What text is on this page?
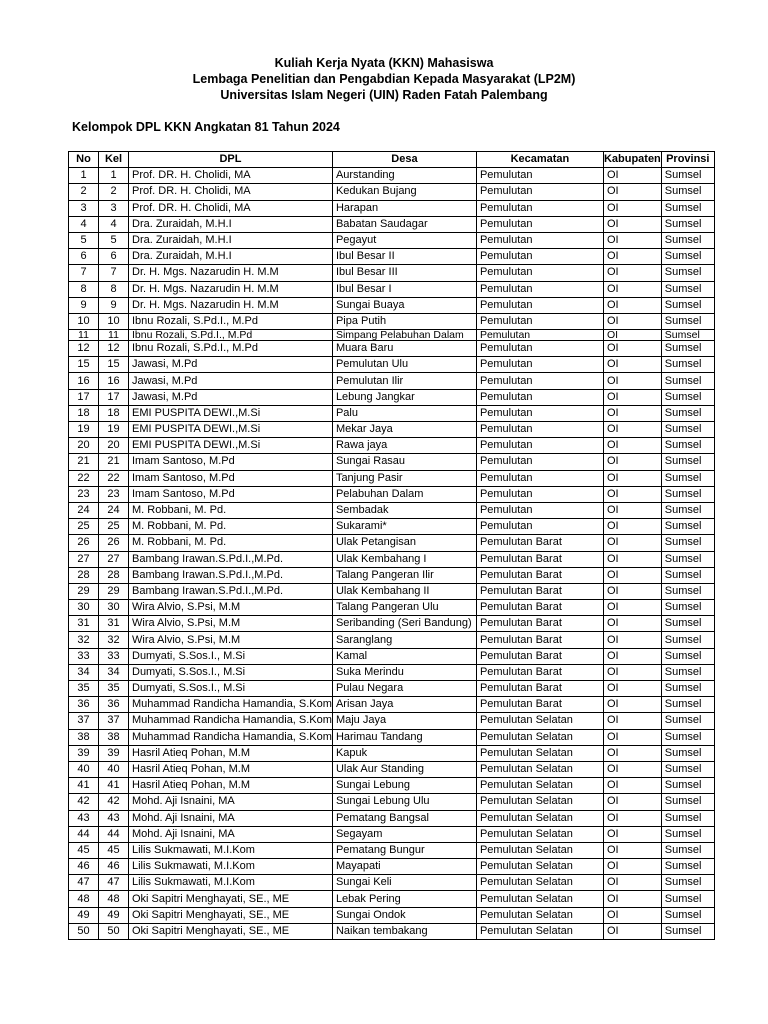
Kuliah Kerja Nyata (KKN) Mahasiswa
Lembaga Penelitian dan Pengabdian Kepada Masyarakat (LP2M)
Universitas Islam Negeri (UIN) Raden Fatah Palembang
Kelompok DPL KKN Angkatan 81 Tahun 2024
No	Kel	DPL	Desa	Kecamatan	Kabupaten	Provinsi
1	1	Prof. DR. H. Cholidi, MA	Aurstanding	Pemulutan	OI	Sumsel
2	2	Prof. DR. H. Cholidi, MA	Kedukan Bujang	Pemulutan	OI	Sumsel
3	3	Prof. DR. H. Cholidi, MA	Harapan	Pemulutan	OI	Sumsel
4	4	Dra. Zuraidah, M.H.I	Babatan Saudagar	Pemulutan	OI	Sumsel
5	5	Dra. Zuraidah, M.H.I	Pegayut	Pemulutan	OI	Sumsel
6	6	Dra. Zuraidah, M.H.I	Ibul Besar II	Pemulutan	OI	Sumsel
7	7	Dr. H. Mgs. Nazarudin H. M.M	Ibul Besar III	Pemulutan	OI	Sumsel
8	8	Dr. H. Mgs. Nazarudin H. M.M	Ibul Besar I	Pemulutan	OI	Sumsel
9	9	Dr. H. Mgs. Nazarudin H. M.M	Sungai Buaya	Pemulutan	OI	Sumsel
10	10	Ibnu Rozali, S.Pd.I., M.Pd	Pipa Putih	Pemulutan	OI	Sumsel
11	11	Ibnu Rozali, S.Pd.I., M.Pd	Simpang Pelabuhan Dalam	Pemulutan	OI	Sumsel
12	12	Ibnu Rozali, S.Pd.I., M.Pd	Muara Baru	Pemulutan	OI	Sumsel
15	15	Jawasi, M.Pd	Pemulutan Ulu	Pemulutan	OI	Sumsel
16	16	Jawasi, M.Pd	Pemulutan Ilir	Pemulutan	OI	Sumsel
17	17	Jawasi, M.Pd	Lebung Jangkar	Pemulutan	OI	Sumsel
18	18	EMI PUSPITA DEWI.,M.Si	Palu	Pemulutan	OI	Sumsel
19	19	EMI PUSPITA DEWI.,M.Si	Mekar Jaya	Pemulutan	OI	Sumsel
20	20	EMI PUSPITA DEWI.,M.Si	Rawa jaya	Pemulutan	OI	Sumsel
21	21	Imam Santoso, M.Pd	Sungai Rasau	Pemulutan	OI	Sumsel
22	22	Imam Santoso, M.Pd	Tanjung Pasir	Pemulutan	OI	Sumsel
23	23	Imam Santoso, M.Pd	Pelabuhan Dalam	Pemulutan	OI	Sumsel
24	24	M. Robbani, M. Pd.	Sembadak	Pemulutan	OI	Sumsel
25	25	M. Robbani, M. Pd.	Sukarami*	Pemulutan	OI	Sumsel
26	26	M. Robbani, M. Pd.	Ulak Petangisan	Pemulutan Barat	OI	Sumsel
27	27	Bambang Irawan.S.Pd.I.,M.Pd.	Ulak Kembahang I	Pemulutan Barat	OI	Sumsel
28	28	Bambang Irawan.S.Pd.I.,M.Pd.	Talang Pangeran Ilir	Pemulutan Barat	OI	Sumsel
29	29	Bambang Irawan.S.Pd.I.,M.Pd.	Ulak Kembahang II	Pemulutan Barat	OI	Sumsel
30	30	Wira Alvio, S.Psi, M.M	Talang Pangeran Ulu	Pemulutan Barat	OI	Sumsel
31	31	Wira Alvio, S.Psi, M.M	Seribanding (Seri Bandung)	Pemulutan Barat	OI	Sumsel
32	32	Wira Alvio, S.Psi, M.M	Saranglang	Pemulutan Barat	OI	Sumsel
33	33	Dumyati, S.Sos.I., M.Si	Kamal	Pemulutan Barat	OI	Sumsel
34	34	Dumyati, S.Sos.I., M.Si	Suka Merindu	Pemulutan Barat	OI	Sumsel
35	35	Dumyati, S.Sos.I., M.Si	Pulau Negara	Pemulutan Barat	OI	Sumsel
36	36	Muhammad Randicha Hamandia, S.Kom	Arisan Jaya	Pemulutan Barat	OI	Sumsel
37	37	Muhammad Randicha Hamandia, S.Kom	Maju Jaya	Pemulutan Selatan	OI	Sumsel
38	38	Muhammad Randicha Hamandia, S.Kom	Harimau Tandang	Pemulutan Selatan	OI	Sumsel
39	39	Hasril Atieq Pohan, M.M	Kapuk	Pemulutan Selatan	OI	Sumsel
40	40	Hasril Atieq Pohan, M.M	Ulak Aur Standing	Pemulutan Selatan	OI	Sumsel
41	41	Hasril Atieq Pohan, M.M	Sungai Lebung	Pemulutan Selatan	OI	Sumsel
42	42	Mohd. Aji Isnaini, MA	Sungai Lebung Ulu	Pemulutan Selatan	OI	Sumsel
43	43	Mohd. Aji Isnaini, MA	Pematang Bangsal	Pemulutan Selatan	OI	Sumsel
44	44	Mohd. Aji Isnaini, MA	Segayam	Pemulutan Selatan	OI	Sumsel
45	45	Lilis Sukmawati, M.I.Kom	Pematang Bungur	Pemulutan Selatan	OI	Sumsel
46	46	Lilis Sukmawati, M.I.Kom	Mayapati	Pemulutan Selatan	OI	Sumsel
47	47	Lilis Sukmawati, M.I.Kom	Sungai Keli	Pemulutan Selatan	OI	Sumsel
48	48	Oki Sapitri Menghayati, SE., ME	Lebak Pering	Pemulutan Selatan	OI	Sumsel
49	49	Oki Sapitri Menghayati, SE., ME	Sungai Ondok	Pemulutan Selatan	OI	Sumsel
50	50	Oki Sapitri Menghayati, SE., ME	Naikan tembakang	Pemulutan Selatan	OI	Sumsel
